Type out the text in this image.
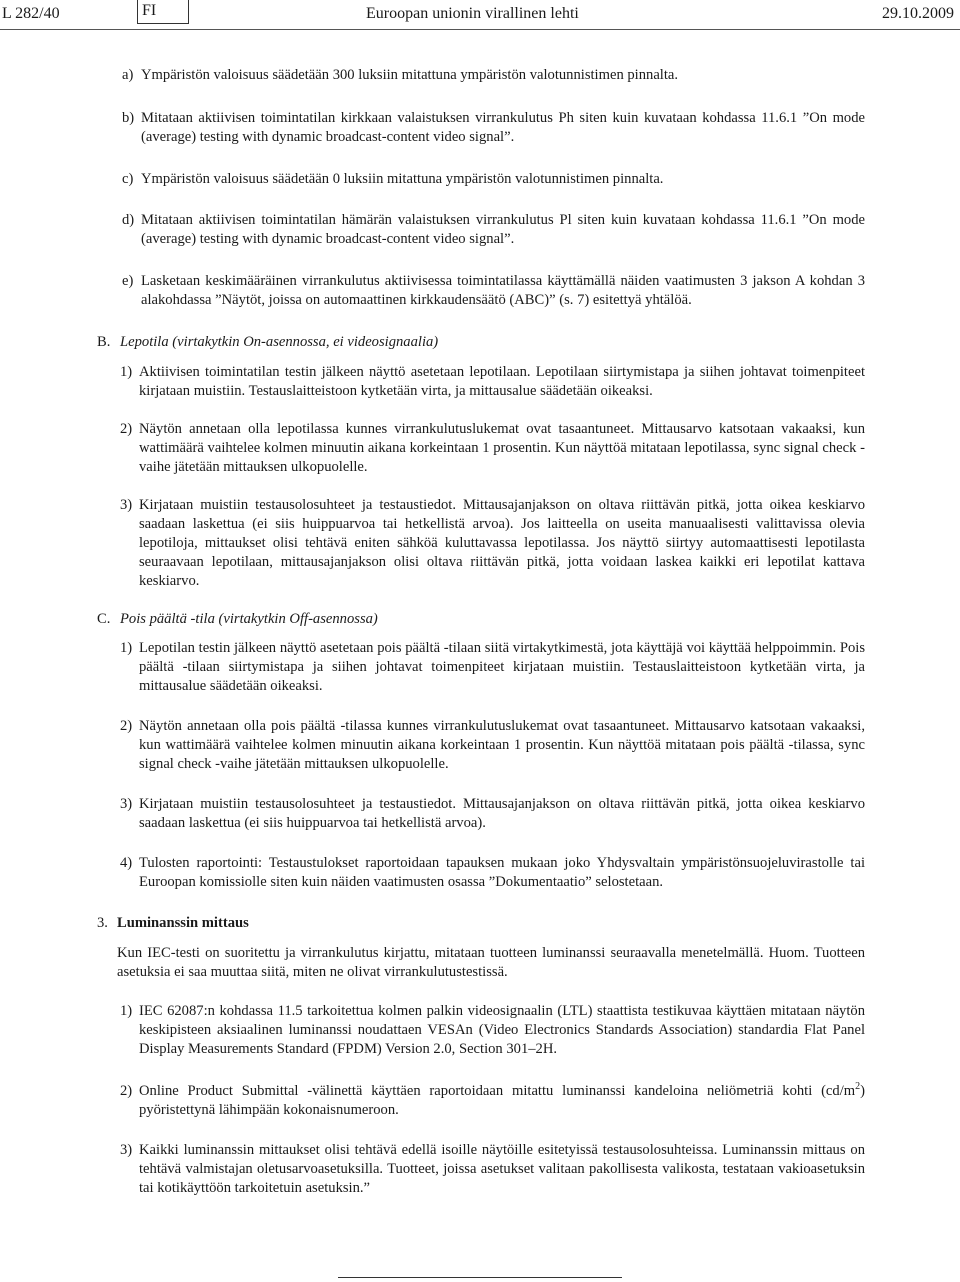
L 282/40	FI	Euroopan unionin virallinen lehti	29.10.2009
a) Ympäristön valoisuus säädetään 300 luksiin mitattuna ympäristön valotunnistimen pinnalta.
b) Mitataan aktiivisen toimintatilan kirkkaan valaistuksen virrankulutus Ph siten kuin kuvataan kohdassa 11.6.1 ”On mode (average) testing with dynamic broadcast-content video signal”.
c) Ympäristön valoisuus säädetään 0 luksiin mitattuna ympäristön valotunnistimen pinnalta.
d) Mitataan aktiivisen toimintatilan hämärän valaistuksen virrankulutus Pl siten kuin kuvataan kohdassa 11.6.1 ”On mode (average) testing with dynamic broadcast-content video signal”.
e) Lasketaan keskimääräinen virrankulutus aktiivisessa toimintatilassa käyttämällä näiden vaatimusten 3 jakson A kohdan 3 alakohdassa ”Näytöt, joissa on automaattinen kirkkaudensäätö (ABC)” (s. 7) esitettyä yhtälöä.
B. Lepotila (virtakytkin On-asennossa, ei videosignaalia)
1) Aktiivisen toimintatilan testin jälkeen näyttö asetetaan lepotilaan. Lepotilaan siirtymistapa ja siihen johtavat toimenpiteet kirjataan muistiin. Testauslaitteistoon kytketään virta, ja mittausalue säädetään oikeaksi.
2) Näytön annetaan olla lepotilassa kunnes virrankulutuslukemat ovat tasaantuneet. Mittausarvo katsotaan vakaaksi, kun wattimäärä vaihtelee kolmen minuutin aikana korkeintaan 1 prosentin. Kun näyttöä mitataan lepotilassa, sync signal check -vaihe jätetään mittauksen ulkopuolelle.
3) Kirjataan muistiin testausolosuhteet ja testaustiedot. Mittausajanjakson on oltava riittävän pitkä, jotta oikea keskiarvo saadaan laskettua (ei siis huippuarvoa tai hetkellistä arvoa). Jos laitteella on useita manuaalisesti valittavissa olevia lepotiloja, mittaukset olisi tehtävä eniten sähköä kuluttavassa lepotilassa. Jos näyttö siirtyy automaattisesti lepotilasta seuraavaan lepotilaan, mittausajanjakson olisi oltava riittävän pitkä, jotta voidaan laskea kaikki eri lepotilat kattava keskiarvo.
C. Pois päältä -tila (virtakytkin Off-asennossa)
1) Lepotilan testin jälkeen näyttö asetetaan pois päältä -tilaan siitä virtakytkimestä, jota käyttäjä voi käyttää helppoimmin. Pois päältä -tilaan siirtymistapa ja siihen johtavat toimenpiteet kirjataan muistiin. Testauslaitteistoon kytketään virta, ja mittausalue säädetään oikeaksi.
2) Näytön annetaan olla pois päältä -tilassa kunnes virrankulutuslukemat ovat tasaantuneet. Mittausarvo katsotaan vakaaksi, kun wattimäärä vaihtelee kolmen minuutin aikana korkeintaan 1 prosentin. Kun näyttöä mitataan pois päältä -tilassa, sync signal check -vaihe jätetään mittauksen ulkopuolelle.
3) Kirjataan muistiin testausolosuhteet ja testaustiedot. Mittausajanjakson on oltava riittävän pitkä, jotta oikea keskiarvo saadaan laskettua (ei siis huippuarvoa tai hetkellistä arvoa).
4) Tulosten raportointi: Testaustulokset raportoidaan tapauksen mukaan joko Yhdysvaltain ympäristönsuojeluvirastolle tai Euroopan komissiolle siten kuin näiden vaatimusten osassa ”Dokumentaatio” selostetaan.
3. Luminanssin mittaus
Kun IEC-testi on suoritettu ja virrankulutus kirjattu, mitataan tuotteen luminanssi seuraavalla menetelmällä. Huom. Tuotteen asetuksia ei saa muuttaa siitä, miten ne olivat virrankulutustestissä.
1) IEC 62087:n kohdassa 11.5 tarkoitettua kolmen palkin videosignaalin (LTL) staattista testikuvaa käyttäen mitataan näytön keskipisteen aksiaalinen luminanssi noudattaen VESAn (Video Electronics Standards Association) standardia Flat Panel Display Measurements Standard (FPDM) Version 2.0, Section 301–2H.
2) Online Product Submittal -välinettä käyttäen raportoidaan mitattu luminanssi kandeloina neliömetriä kohti $(cd/m^2)$ pyöristettynä lähimpään kokonaisnumeroon.
3) Kaikki luminanssin mittaukset olisi tehtävä edellä isoille näytöille esitetyissä testausolosuhteissa. Luminanssin mittaus on tehtävä valmistajan oletusarvoasetuksilla. Tuotteet, joissa asetukset valitaan pakollisesta valikosta, testataan vakioasetuksin tai kotikäyttöön tarkoitetuin asetuksin.”
